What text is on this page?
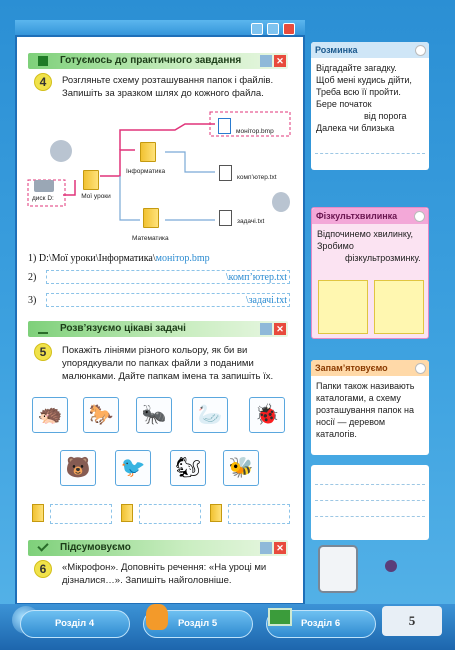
Готуємось до практичного завдання	✕
4	Розгляньте схему розташування папок і файлів. Запишіть за зразком шлях до кожного файла.
диск D:	Мої уроки
Інформатика
Математика
монітор.bmp
комп’ютер.txt
задачі.txt
1) D:\Мої уроки\Інформатика\монітор.bmp
2)	\комп’ютер.txt
3)	\задачі.txt
Розв’язуємо цікаві задачі	✕
5	Покажіть лініями різного кольору, як би ви упорядкували по папках файли з поданими малюнками. Дайте папкам імена та запишіть їх.
🦔 🐎 🐜 🦢 🐞
🐻 🐦 🐿 🐝
Підсумовуємо	✕
6	«Мікрофон». Доповніть речення: «На уроці ми дізналися…». Запишіть найголовніше.
Розминка
Відгадайте загадку.
Щоб мені кудись дійти,
Треба всю її пройти.
Бере початок
від порога
Далека чи близька
Фізкультхвилинка
Відпочинемо хвилинку,
Зробимо
фізкультрозминку.
Запам’ятовуємо
Папки також називають каталогами, а схему розташування папок на носії — деревом каталогів.
Розділ 4	Розділ 5	Розділ 6	5
